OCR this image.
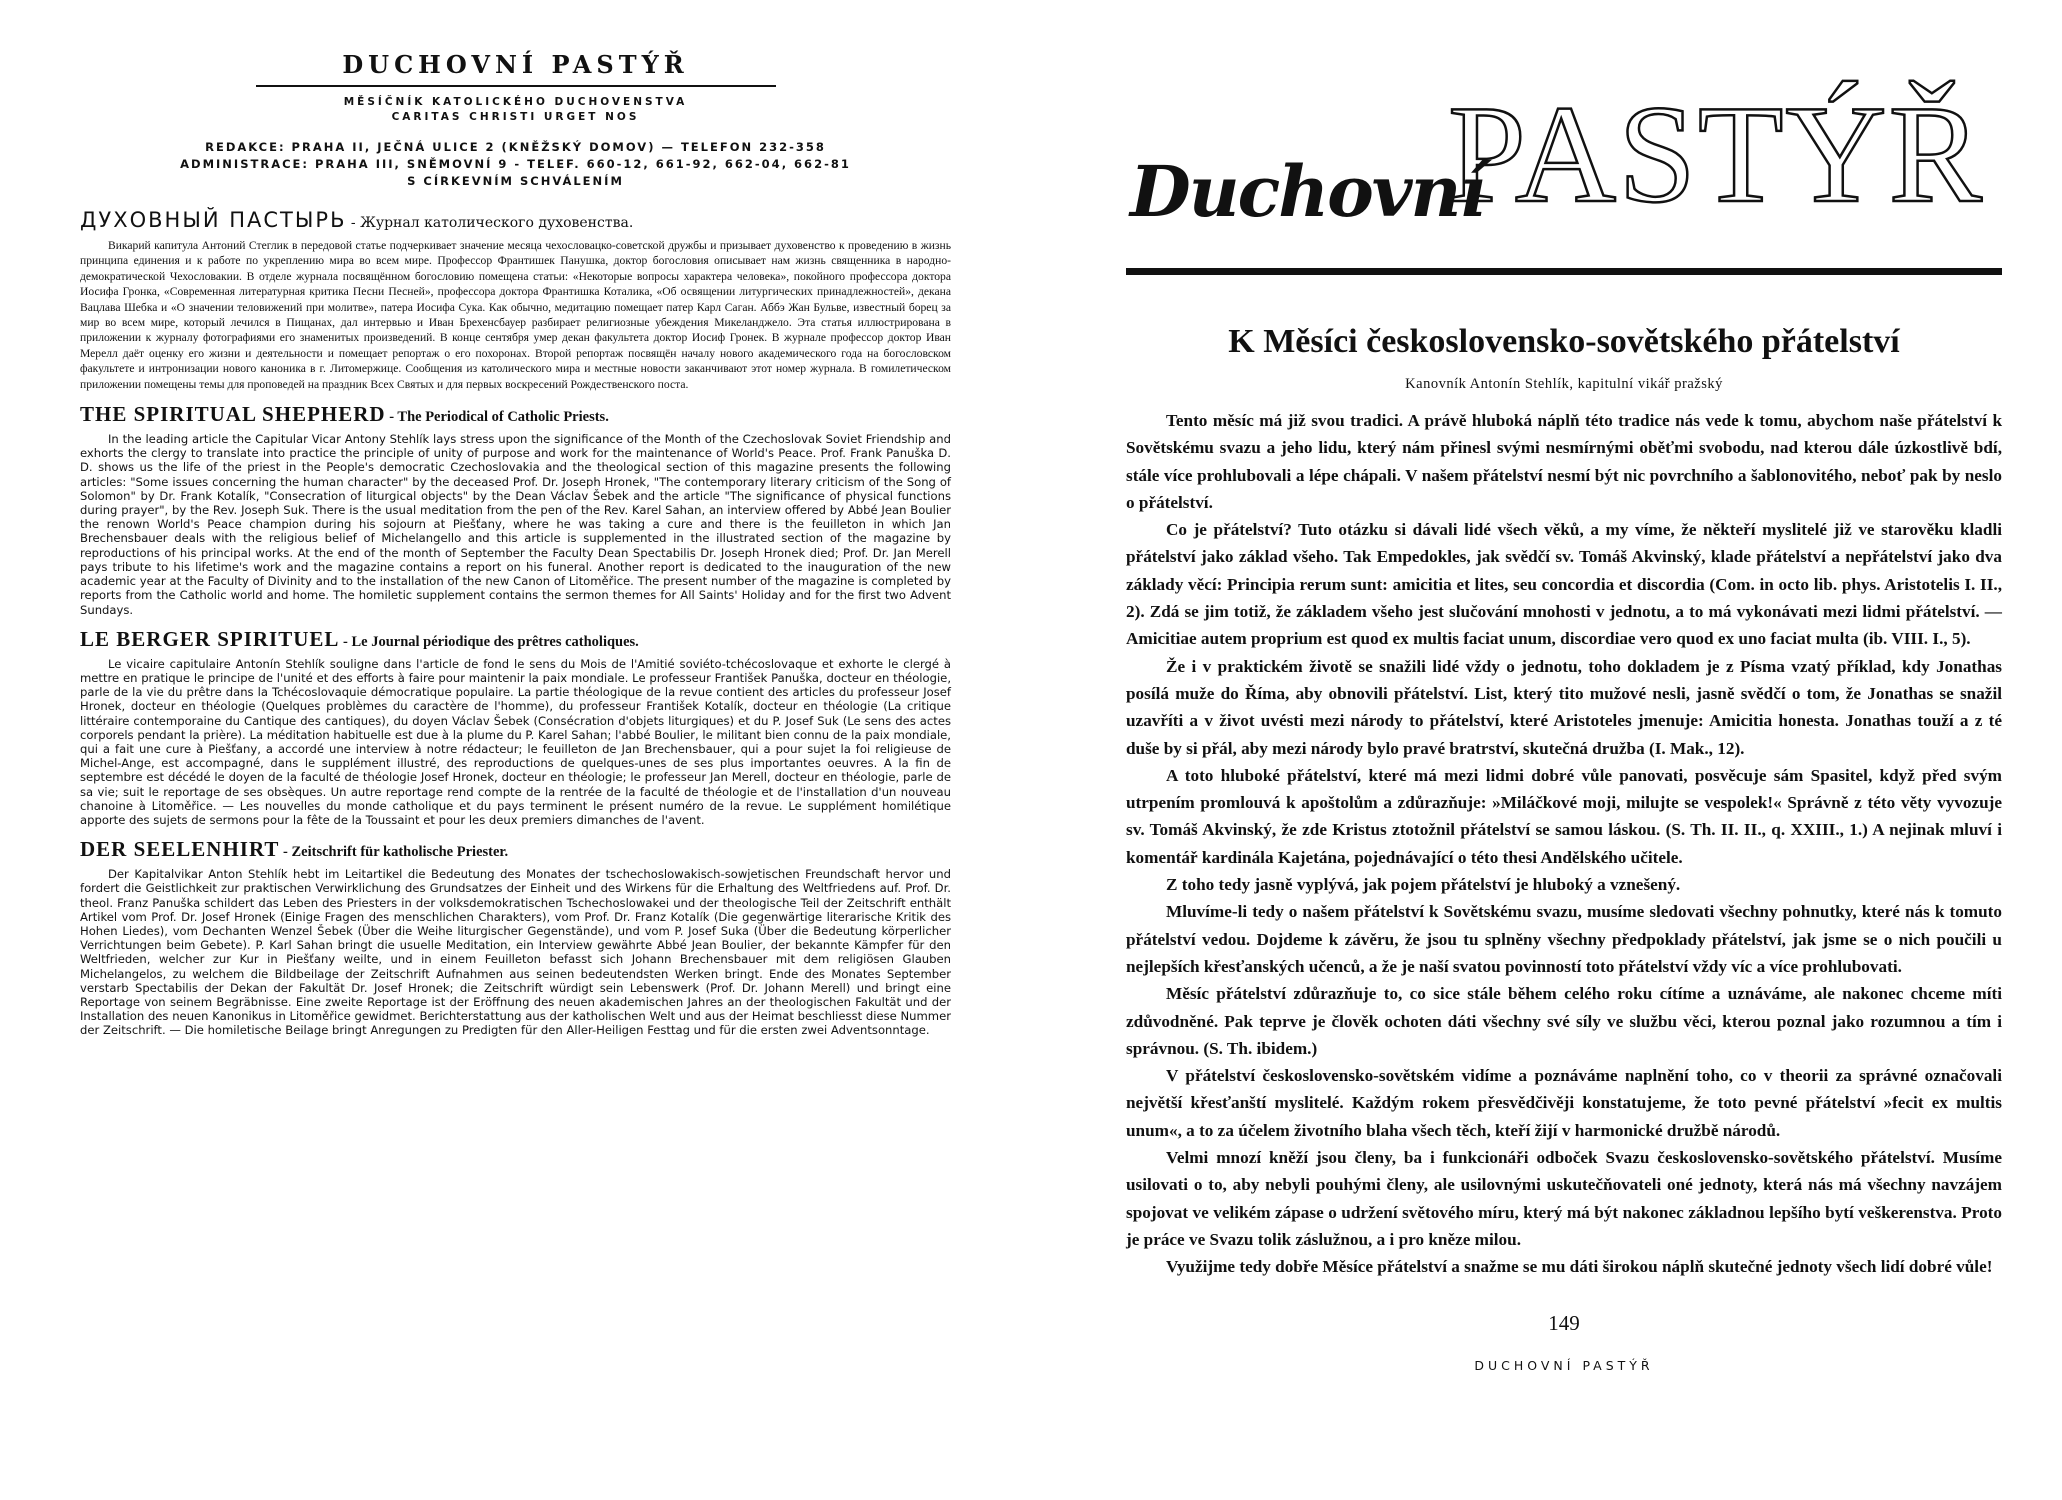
DUCHOVNÍ PASTÝŘ
MĚSÍČNÍK KATOLICKÉHO DUCHOVENSTVA
CARITAS CHRISTI URGET NOS
REDAKCE: PRAHA II, JEČNÁ ULICE 2 (KNĚŽSKÝ DOMOV) — TELEFON 232-358
ADMINISTRACE: PRAHA III, SNĚMOVNÍ 9 - TELEF. 660-12, 661-92, 662-04, 662-81
S CÍRKEVNÍM SCHVÁLENÍM
ДУХОВНЫЙ ПАСТЫРЬ - Журнал католического духовенства.

Викарий капитула Антоний Стеглик в передовой статье подчеркивает значение месяца чехословацко-советской дружбы и призывает духовенство к проведению в жизнь принципа единения и к работе по укреплению мира во всем мире. Профессор Франтишек Панушка, доктор богословия описывает нам жизнь священника в народно-демократической Чехословакии. В отделе журнала посвящённом богословию помещена статьи: «Некоторые вопросы характера человека», покойного профессора доктора Иосифа Гронка, «Современная литературная критика Песни Песней», профессора доктора Франтишка Коталика, «Об освящении литургических принадлежностей», декана Вацлава Шебка и «О значении теловижений при молитве», патера Иосифа Сука. Как обычно, медитацию помещает патер Карл Саган. Аббэ Жан Бульве, известный борец за мир во всем мире, который лечился в Пищанах, дал интервью и Иван Брехенсбауер разбирает религиозные убеждения Микеланджело. Эта статья иллюстрирована в приложении к журналу фотографиями его знаменитых произведений. В конце сентября умер декан факультета доктор Иосиф Гронек. В журнале профессор доктор Иван Мерелл даёт оценку его жизни и деятельности и помещает репортаж о его похоронах. Второй репортаж посвящён началу нового академического года на богословском факультете и интронизации нового каноника в г. Литомержице. Сообщения из католического мира и местные новости заканчивают этот номер журнала. В гомилетическом приложении помещены темы для проповедей на праздник Всех Святых и для первых воскресений Рождественского поста.

THE SPIRITUAL SHEPHERD - The Periodical of Catholic Priests.

In the leading article the Capitular Vicar Antony Stehlík lays stress upon the significance of the Month of the Czechoslovak Soviet Friendship and exhorts the clergy to translate into practice the principle of unity of purpose and work for the maintenance of World's Peace. Prof. Frank Panuška D. D. shows us the life of the priest in the People's democratic Czechoslovakia and the theological section of this magazine presents the following articles: "Some issues concerning the human character" by the deceased Prof. Dr. Joseph Hronek, "The contemporary literary criticism of the Song of Solomon" by Dr. Frank Kotalík, "Consecration of liturgical objects" by the Dean Václav Šebek and the article "The significance of physical functions during prayer", by the Rev. Joseph Suk. There is the usual meditation from the pen of the Rev. Karel Sahan, an interview offered by Abbé Jean Boulier the renown World's Peace champion during his sojourn at Piešťany, where he was taking a cure and there is the feuilleton in which Jan Brechensbauer deals with the religious belief of Michelangello and this article is supplemented in the illustrated section of the magazine by reproductions of his principal works. At the end of the month of September the Faculty Dean Spectabilis Dr. Joseph Hronek died; Prof. Dr. Jan Merell pays tribute to his lifetime's work and the magazine contains a report on his funeral. Another report is dedicated to the inauguration of the new academic year at the Faculty of Divinity and to the installation of the new Canon of Litoměřice. The present number of the magazine is completed by reports from the Catholic world and home. The homiletic supplement contains the sermon themes for All Saints' Holiday and for the first two Advent Sundays.

LE BERGER SPIRITUEL - Le Journal périodique des prêtres catholiques.

Le vicaire capitulaire Antonín Stehlík souligne dans l'article de fond le sens du Mois de l'Amitié soviéto-tchécoslovaque et exhorte le clergé à mettre en pratique le principe de l'unité et des efforts à faire pour maintenir la paix mondiale. Le professeur František Panuška, docteur en théologie, parle de la vie du prêtre dans la Tchécoslovaquie démocratique populaire. La partie théologique de la revue contient des articles du professeur Josef Hronek, docteur en théologie (Quelques problèmes du caractère de l'homme), du professeur František Kotalík, docteur en théologie (La critique littéraire contemporaine du Cantique des cantiques), du doyen Václav Šebek (Consécration d'objets liturgiques) et du P. Josef Suk (Le sens des actes corporels pendant la prière). La méditation habituelle est due à la plume du P. Karel Sahan; l'abbé Boulier, le militant bien connu de la paix mondiale, qui a fait une cure à Piešťany, a accordé une interview à notre rédacteur; le feuilleton de Jan Brechensbauer, qui a pour sujet la foi religieuse de Michel-Ange, est accompagné, dans le supplément illustré, des reproductions de quelques-unes de ses plus importantes oeuvres. A la fin de septembre est décédé le doyen de la faculté de théologie Josef Hronek, docteur en théologie; le professeur Jan Merell, docteur en théologie, parle de sa vie; suit le reportage de ses obsèques. Un autre reportage rend compte de la rentrée de la faculté de théologie et de l'installation d'un nouveau chanoine à Litoměřice. — Les nouvelles du monde catholique et du pays terminent le présent numéro de la revue. Le supplément homilétique apporte des sujets de sermons pour la fête de la Toussaint et pour les deux premiers dimanches de l'avent.

DER SEELENHIRT - Zeitschrift für katholische Priester.

Der Kapitalvikar Anton Stehlík hebt im Leitartikel die Bedeutung des Monates der tschechoslowakisch-sowjetischen Freundschaft hervor und fordert die Geistlichkeit zur praktischen Verwirklichung des Grundsatzes der Einheit und des Wirkens für die Erhaltung des Weltfriedens auf. Prof. Dr. theol. Franz Panuška schildert das Leben des Priesters in der volksdemokratischen Tschechoslowakei und der theologische Teil der Zeitschrift enthält Artikel vom Prof. Dr. Josef Hronek (Einige Fragen des menschlichen Charakters), vom Prof. Dr. Franz Kotalík (Die gegenwärtige literarische Kritik des Hohen Liedes), vom Dechanten Wenzel Šebek (Über die Weihe liturgischer Gegenstände), und vom P. Josef Suka (Über die Bedeutung körperlicher Verrichtungen beim Gebete). P. Karl Sahan bringt die usuelle Meditation, ein Interview gewährte Abbé Jean Boulier, der bekannte Kämpfer für den Weltfrieden, welcher zur Kur in Piešťany weilte, und in einem Feuilleton befasst sich Johann Brechensbauer mit dem religiösen Glauben Michelangelos, zu welchem die Bildbeilage der Zeitschrift Aufnahmen aus seinen bedeutendsten Werken bringt. Ende des Monates September verstarb Spectabilis der Dekan der Fakultät Dr. Josef Hronek; die Zeitschrift würdigt sein Lebenswerk (Prof. Dr. Johann Merell) und bringt eine Reportage von seinem Begräbnisse. Eine zweite Reportage ist der Eröffnung des neuen akademischen Jahres an der theologischen Fakultät und der Installation des neuen Kanonikus in Litoměřice gewidmet. Berichterstattung aus der katholischen Welt und aus der Heimat beschliesst diese Nummer der Zeitschrift. — Die homiletische Beilage bringt Anregungen zu Predigten für den Aller-Heiligen Festtag und für die ersten zwei Adventsonntage.

PASTÝŘ
Duchovní
K Měsíci československo-sovětského přátelství
Kanovník Antonín Stehlík, kapitulní vikář pražský

Tento měsíc má již svou tradici. A právě hluboká náplň této tradice nás vede k tomu, abychom naše přátelství k Sovětskému svazu a jeho lidu, který nám přinesl svými nesmírnými oběťmi svobodu, nad kterou dále úzkostlivě bdí, stále více prohlubovali a lépe chápali. V našem přátelství nesmí být nic povrchního a šablonovitého, neboť pak by neslo o přátelství.

Co je přátelství? Tuto otázku si dávali lidé všech věků, a my víme, že někteří myslitelé již ve starověku kladli přátelství jako základ všeho. Tak Empedokles, jak svědčí sv. Tomáš Akvinský, klade přátelství a nepřátelství jako dva základy věcí: Principia rerum sunt: amicitia et lites, seu concordia et discordia (Com. in octo lib. phys. Aristotelis I. II., 2). Zdá se jim totiž, že základem všeho jest slučování mnohosti v jednotu, a to má vykonávati mezi lidmi přátelství. — Amicitiae autem proprium est quod ex multis faciat unum, discordiae vero quod ex uno faciat multa (ib. VIII. I., 5).

Že i v praktickém životě se snažili lidé vždy o jednotu, toho dokladem je z Písma vzatý příklad, kdy Jonathas posílá muže do Říma, aby obnovili přátelství. List, který tito mužové nesli, jasně svědčí o tom, že Jonathas se snažil uzavříti a v život uvésti mezi národy to přátelství, které Aristoteles jmenuje: Amicitia honesta. Jonathas touží a z té duše by si přál, aby mezi národy bylo pravé bratrství, skutečná družba (I. Mak., 12).

A toto hluboké přátelství, které má mezi lidmi dobré vůle panovati, posvěcuje sám Spasitel, když před svým utrpením promlouvá k apoštolům a zdůrazňuje: »Miláčkové moji, milujte se vespolek!« Správně z této věty vyvozuje sv. Tomáš Akvinský, že zde Kristus ztotožnil přátelství se samou láskou. (S. Th. II. II., q. XXIII., 1.) A nejinak mluví i komentář kardinála Kajetána, pojednávající o této thesi Andělského učitele.

Z toho tedy jasně vyplývá, jak pojem přátelství je hluboký a vznešený.

Mluvíme-li tedy o našem přátelství k Sovětskému svazu, musíme sledovati všechny pohnutky, které nás k tomuto přátelství vedou. Dojdeme k závěru, že jsou tu splněny všechny předpoklady přátelství, jak jsme se o nich poučili u nejlepších křesťanských učenců, a že je naší svatou povinností toto přátelství vždy víc a více prohlubovati.

Měsíc přátelství zdůrazňuje to, co sice stále během celého roku cítíme a uznáváme, ale nakonec chceme míti zdůvodněné. Pak teprve je člověk ochoten dáti všechny své síly ve službu věci, kterou poznal jako rozumnou a tím i správnou. (S. Th. ibidem.)

V přátelství československo-sovětském vidíme a poznáváme naplnění toho, co v theorii za správné označovali největší křesťanští myslitelé. Každým rokem přesvědčivěji konstatujeme, že toto pevné přátelství »fecit ex multis unum«, a to za účelem životního blaha všech těch, kteří žijí v harmonické družbě národů.

Velmi mnozí kněží jsou členy, ba i funkcionáři odboček Svazu československo-sovětského přátelství. Musíme usilovati o to, aby nebyli pouhými členy, ale usilovnými uskutečňovateli oné jednoty, která nás má všechny navzájem spojovat ve velikém zápase o udržení světového míru, který má být nakonec základnou lepšího bytí veškerenstva. Proto je práce ve Svazu tolik záslužnou, a i pro kněze milou.

Využijme tedy dobře Měsíce přátelství a snažme se mu dáti širokou náplň skutečné jednoty všech lidí dobré vůle!

149
DUCHOVNÍ PASTÝŘ
